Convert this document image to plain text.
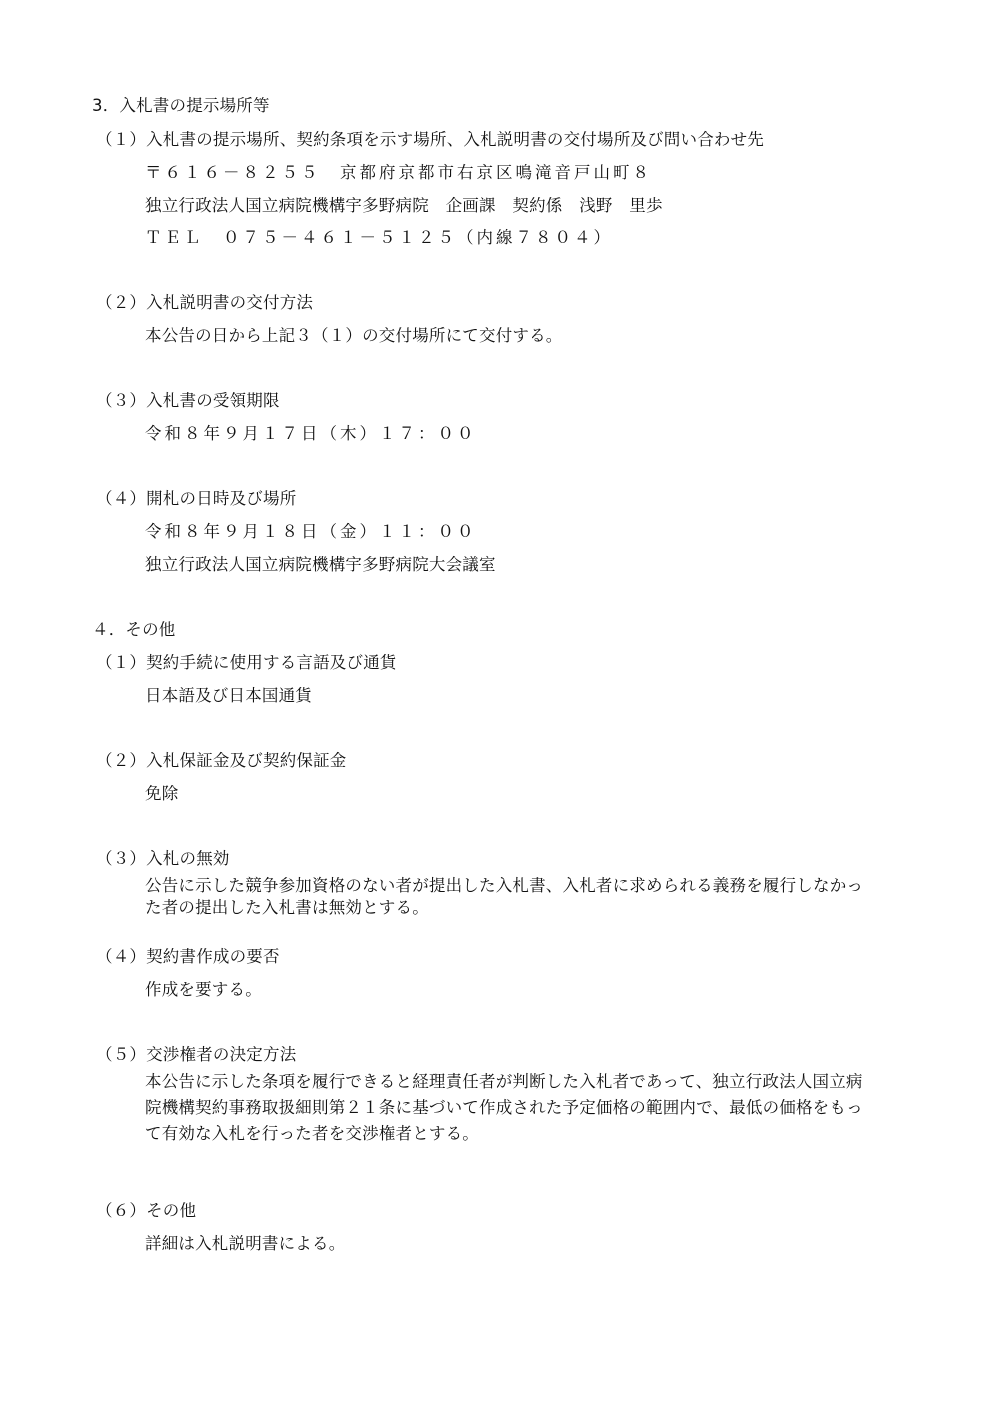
3．入札書の提示場所等
（１）入札書の提示場所、契約条項を示す場所、入札説明書の交付場所及び問い合わせ先
〒６１６－８２５５　京都府京都市右京区鳴滝音戸山町８
独立行政法人国立病院機構宇多野病院　企画課　契約係　浅野　里歩
ＴＥＬ　０７５－４６１－５１２５（内線７８０４）
（２）入札説明書の交付方法
本公告の日から上記３（１）の交付場所にて交付する。
（３）入札書の受領期限
令和８年９月１７日（木）１７：００
（４）開札の日時及び場所
令和８年９月１８日（金）１１：００
独立行政法人国立病院機構宇多野病院大会議室
４．その他
（１）契約手続に使用する言語及び通貨
日本語及び日本国通貨
（２）入札保証金及び契約保証金
免除
（３）入札の無効
公告に示した競争参加資格のない者が提出した入札書、入札者に求められる義務を履行しなかっ
た者の提出した入札書は無効とする。
（４）契約書作成の要否
作成を要する。
（５）交渉権者の決定方法
本公告に示した条項を履行できると経理責任者が判断した入札者であって、独立行政法人国立病
院機構契約事務取扱細則第２１条に基づいて作成された予定価格の範囲内で、最低の価格をもっ
て有効な入札を行った者を交渉権者とする。
（６）その他
詳細は入札説明書による。
